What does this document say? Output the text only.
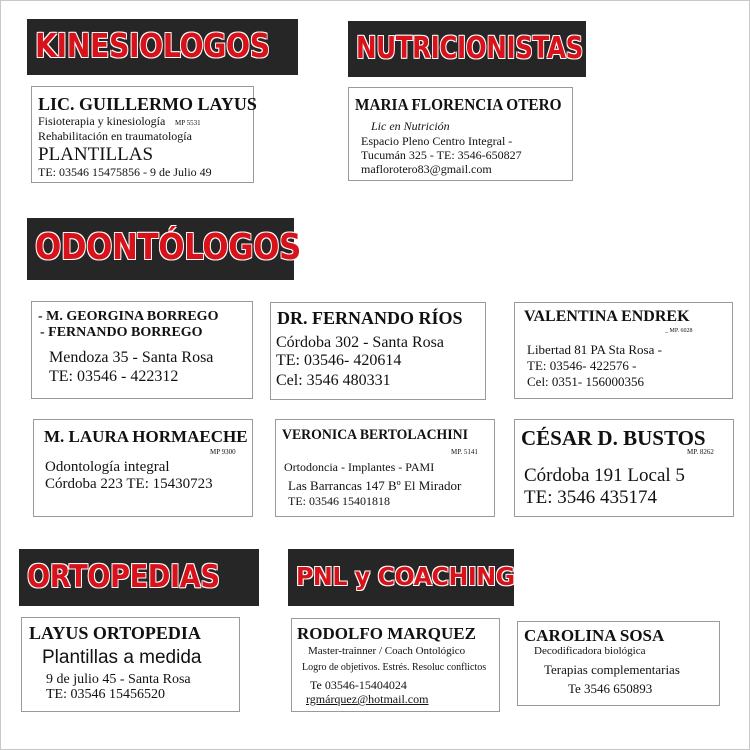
KINESIOLOGOS	NUTRICIONISTAS
ODONTÓLOGOS
ORTOPEDIAS	PNL y COACHING
LIC. GUILLERMO LAYUS
Fisioterapia y kinesiología MP 5531
Rehabilitación en traumatología
PLANTILLAS
TE: 03546 15475856 - 9 de Julio 49
MARIA FLORENCIA OTERO
Lic en Nutrición
Espacio Pleno Centro Integral -
Tucumán 325 - TE: 3546-650827
maflorotero83@gmail.com
- M. GEORGINA BORREGO
- FERNANDO BORREGO
Mendoza 35 - Santa Rosa
TE: 03546 - 422312
DR. FERNANDO RÍOS
Córdoba 302 - Santa Rosa
TE: 03546- 420614
Cel: 3546 480331
VALENTINA ENDREK
_ MP. 6028
Libertad 81 PA Sta Rosa -
TE: 03546- 422576 -
Cel: 0351- 156000356
M. LAURA HORMAECHE
MP 9300
Odontología integral
Córdoba 223 TE: 15430723
VERONICA BERTOLACHINI
MP. 5141
Ortodoncia - Implantes - PAMI
Las Barrancas 147 Bº El Mirador
TE: 03546 15401818
CÉSAR D. BUSTOS
MP. 8262
Córdoba 191 Local 5
TE: 3546 435174
LAYUS ORTOPEDIA
Plantillas a medida
9 de julio 45 - Santa Rosa
TE: 03546 15456520
RODOLFO MARQUEZ
Master-trainner / Coach Ontológico
Logro de objetivos. Estrés. Resoluc conflictos
Te 03546-15404024
rgmárquez@hotmail.com
CAROLINA SOSA
Decodificadora biológica
Terapias complementarias
Te 3546 650893
